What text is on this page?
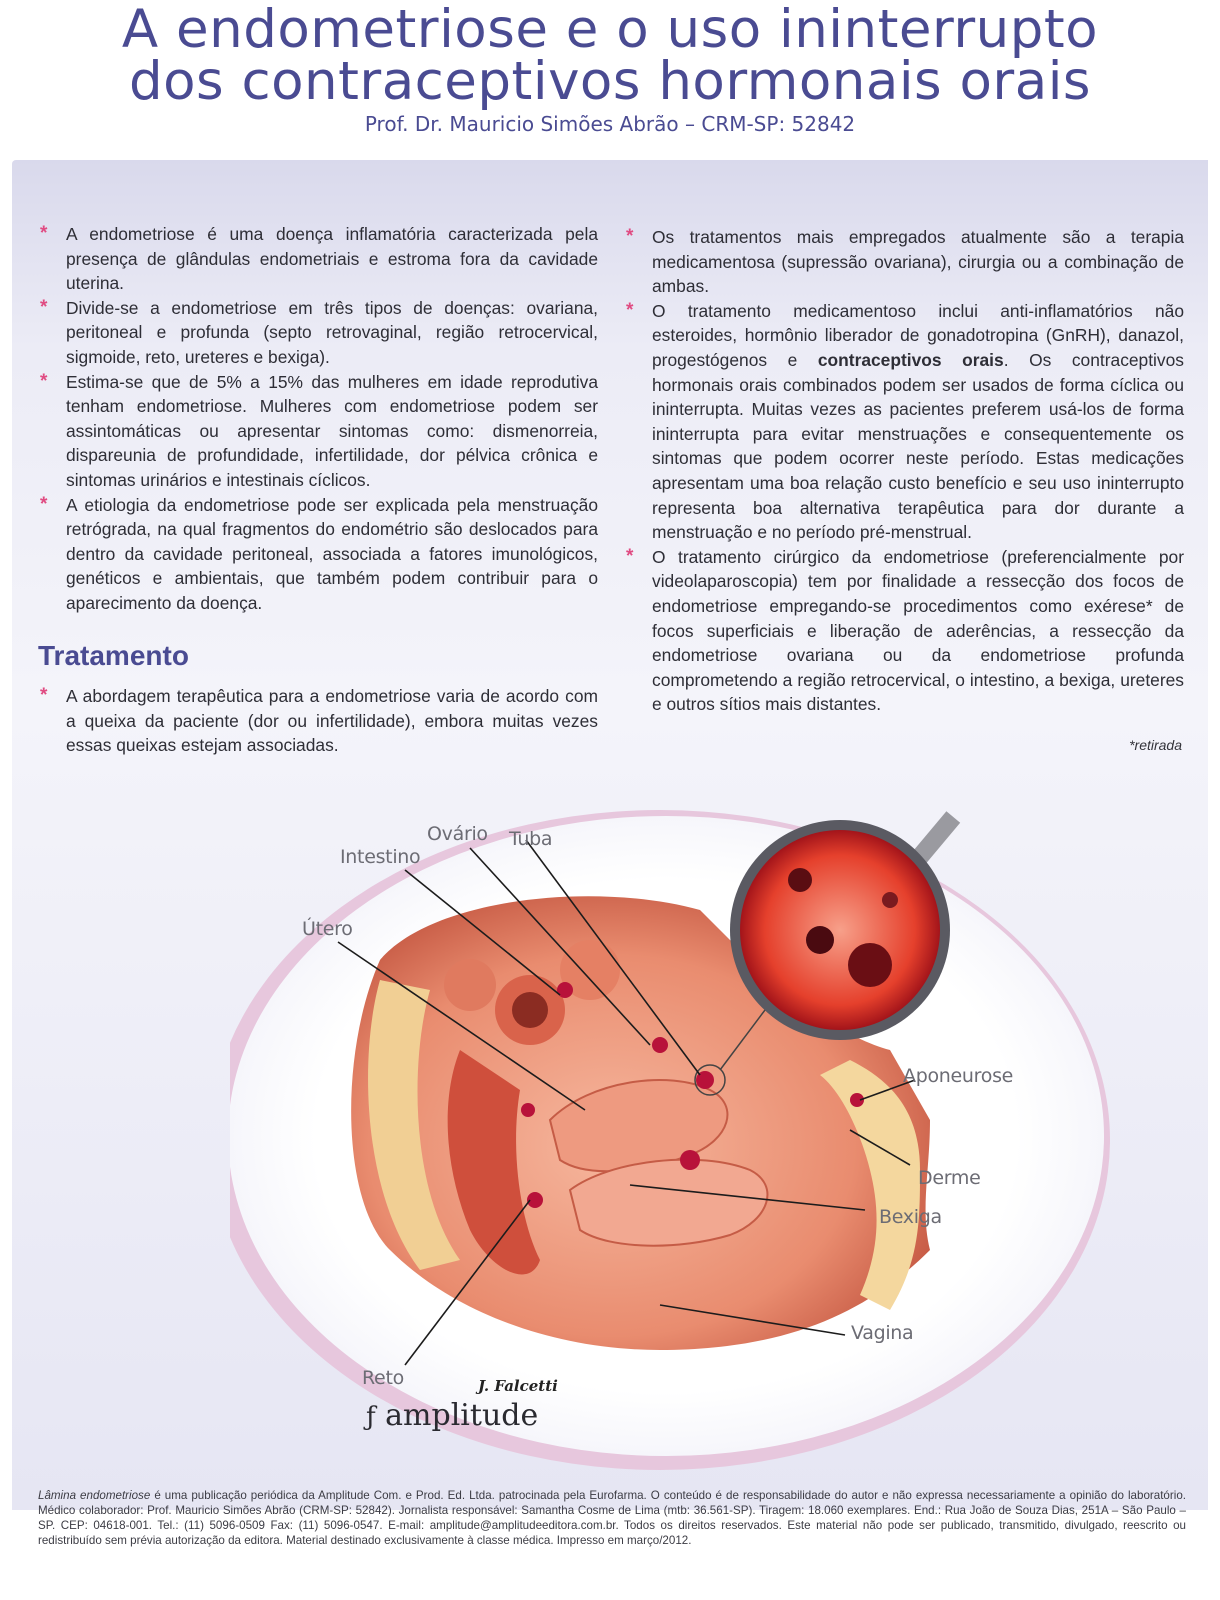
A endometriose e o uso ininterrupto
dos contraceptivos hormonais orais
Prof. Dr. Mauricio Simões Abrão – CRM-SP: 52842

* A endometriose é uma doença inflamatória caracterizada pela presença de glândulas endometriais e estroma fora da cavidade uterina.

* Divide-se a endometriose em três tipos de doenças: ovariana, peritoneal e profunda (septo retrovaginal, região retrocervical, sigmoide, reto, ureteres e bexiga).

* Estima-se que de 5% a 15% das mulheres em idade reprodutiva tenham endometriose. Mulheres com endometriose podem ser assintomáticas ou apresentar sintomas como: dismenorreia, dispareunia de profundidade, infertilidade, dor pélvica crônica e sintomas urinários e intestinais cíclicos.

* A etiologia da endometriose pode ser explicada pela menstruação retrógrada, na qual fragmentos do endométrio são deslocados para dentro da cavidade peritoneal, associada a fatores imunológicos, genéticos e ambientais, que também podem contribuir para o aparecimento da doença.

Tratamento

* A abordagem terapêutica para a endometriose varia de acordo com a queixa da paciente (dor ou infertilidade), embora muitas vezes essas queixas estejam associadas.

* Os tratamentos mais empregados atualmente são a terapia medicamentosa (supressão ovariana), cirurgia ou a combinação de ambas.

* O tratamento medicamentoso inclui anti-inflamatórios não esteroides, hormônio liberador de gonadotropina (GnRH), danazol, progestógenos e contraceptivos orais. Os contraceptivos hormonais orais combinados podem ser usados de forma cíclica ou ininterrupta. Muitas vezes as pacientes preferem usá-los de forma ininterrupta para evitar menstruações e consequentemente os sintomas que podem ocorrer neste período. Estas medicações apresentam uma boa relação custo benefício e seu uso ininterrupto representa boa alternativa terapêutica para dor durante a menstruação e no período pré-menstrual.

* O tratamento cirúrgico da endometriose (preferencialmente por videolaparoscopia) tem por finalidade a ressecção dos focos de endometriose empregando-se procedimentos como exérese* de focos superficiais e liberação de aderências, a ressecção da endometriose ovariana ou da endometriose profunda comprometendo a região retrocervical, o intestino, a bexiga, ureteres e outros sítios mais distantes.

*retirada
Ovário Tuba
Intestino
Útero
Aponeurose
Derme
Bexiga
Vagina
Reto	J. Falcetti
ƒ amplitude

Lâmina endometriose é uma publicação periódica da Amplitude Com. e Prod. Ed. Ltda. patrocinada pela Eurofarma. O conteúdo é de responsabilidade do autor e não expressa necessariamente a opinião do laboratório. Médico colaborador: Prof. Mauricio Simões Abrão (CRM-SP: 52842). Jornalista responsável: Samantha Cosme de Lima (mtb: 36.561-SP). Tiragem: 18.060 exemplares. End.: Rua João de Souza Dias, 251A – São Paulo – SP. CEP: 04618-001. Tel.: (11) 5096-0509 Fax: (11) 5096-0547. E-mail: amplitude@amplitudeeditora.com.br. Todos os direitos reservados. Este material não pode ser publicado, transmitido, divulgado, reescrito ou redistribuído sem prévia autorização da editora. Material destinado exclusivamente à classe médica. Impresso em março/2012.
